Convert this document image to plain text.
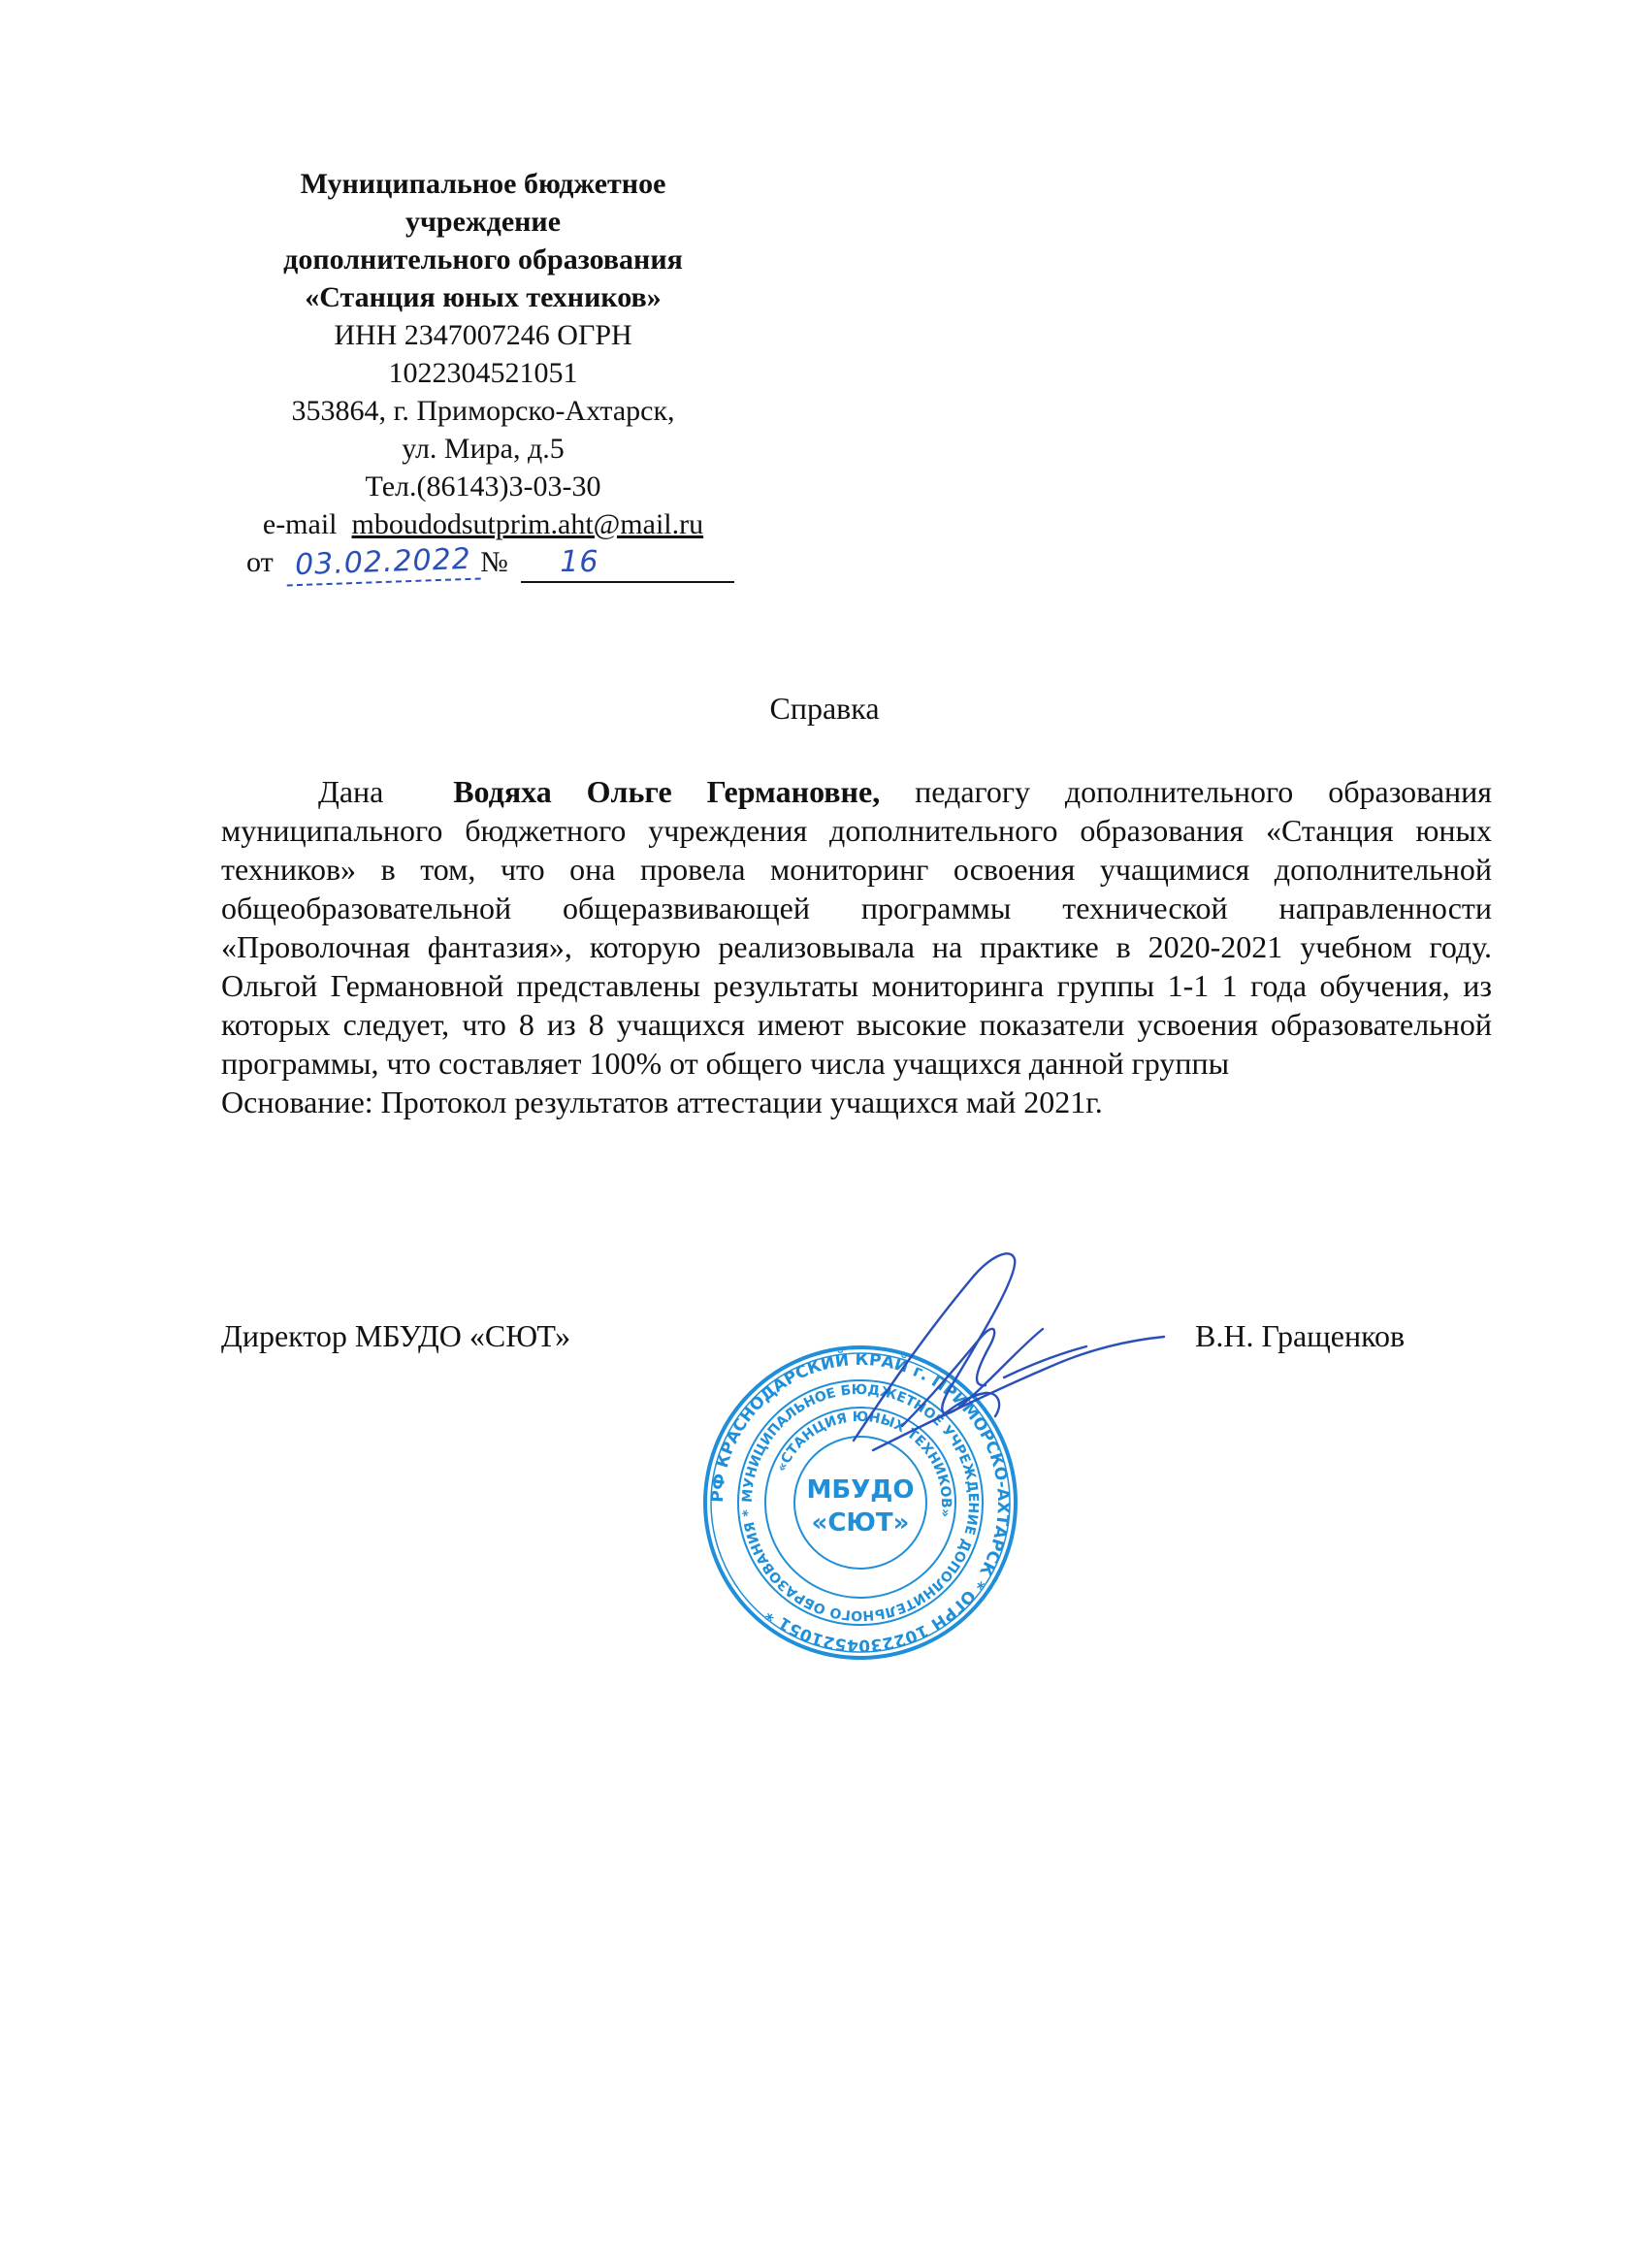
Муниципальное бюджетное
учреждение
дополнительного образования
«Станция юных техников»
ИНН 2347007246 ОГРН
1022304521051
353864, г. Приморско-Ахтарск,
ул. Мира, д.5
Тел.(86143)3-03-30
e-mail mboudodsutprim.aht@mail.ru
от 03.02.2022 № 16
Справка

Дана Водяха Ольге Германовне, педагогу дополнительного образования муниципального бюджетного учреждения дополнительного образования «Станция юных техников» в том, что она провела мониторинг освоения учащимися дополнительной общеобразовательной общеразвивающей программы технической направленности «Проволочная фантазия», которую реализовывала на практике в 2020-2021 учебном году. Ольгой Германовной представлены результаты мониторинга группы 1-1 1 года обучения, из которых следует, что 8 из 8 учащихся имеют высокие показатели усвоения образовательной программы, что составляет 100% от общего числа учащихся данной группы

Основание: Протокол результатов аттестации учащихся май 2021г.

Директор МБУДО «СЮТ»	В.Н. Гращенков
РФ КРАСНОДАРСКИЙ КРАЙ г. ПРИМОРСКО-АХТАРСК * ОГРН 1022304521051 *
МУНИЦИПАЛЬНОЕ БЮДЖЕТНОЕ УЧРЕЖДЕНИЕ ДОПОЛНИТЕЛЬНОГО ОБРАЗОВАНИЯ *
«СТАНЦИЯ ЮНЫХ ТЕХНИКОВ»
МБУДО
«СЮТ»
